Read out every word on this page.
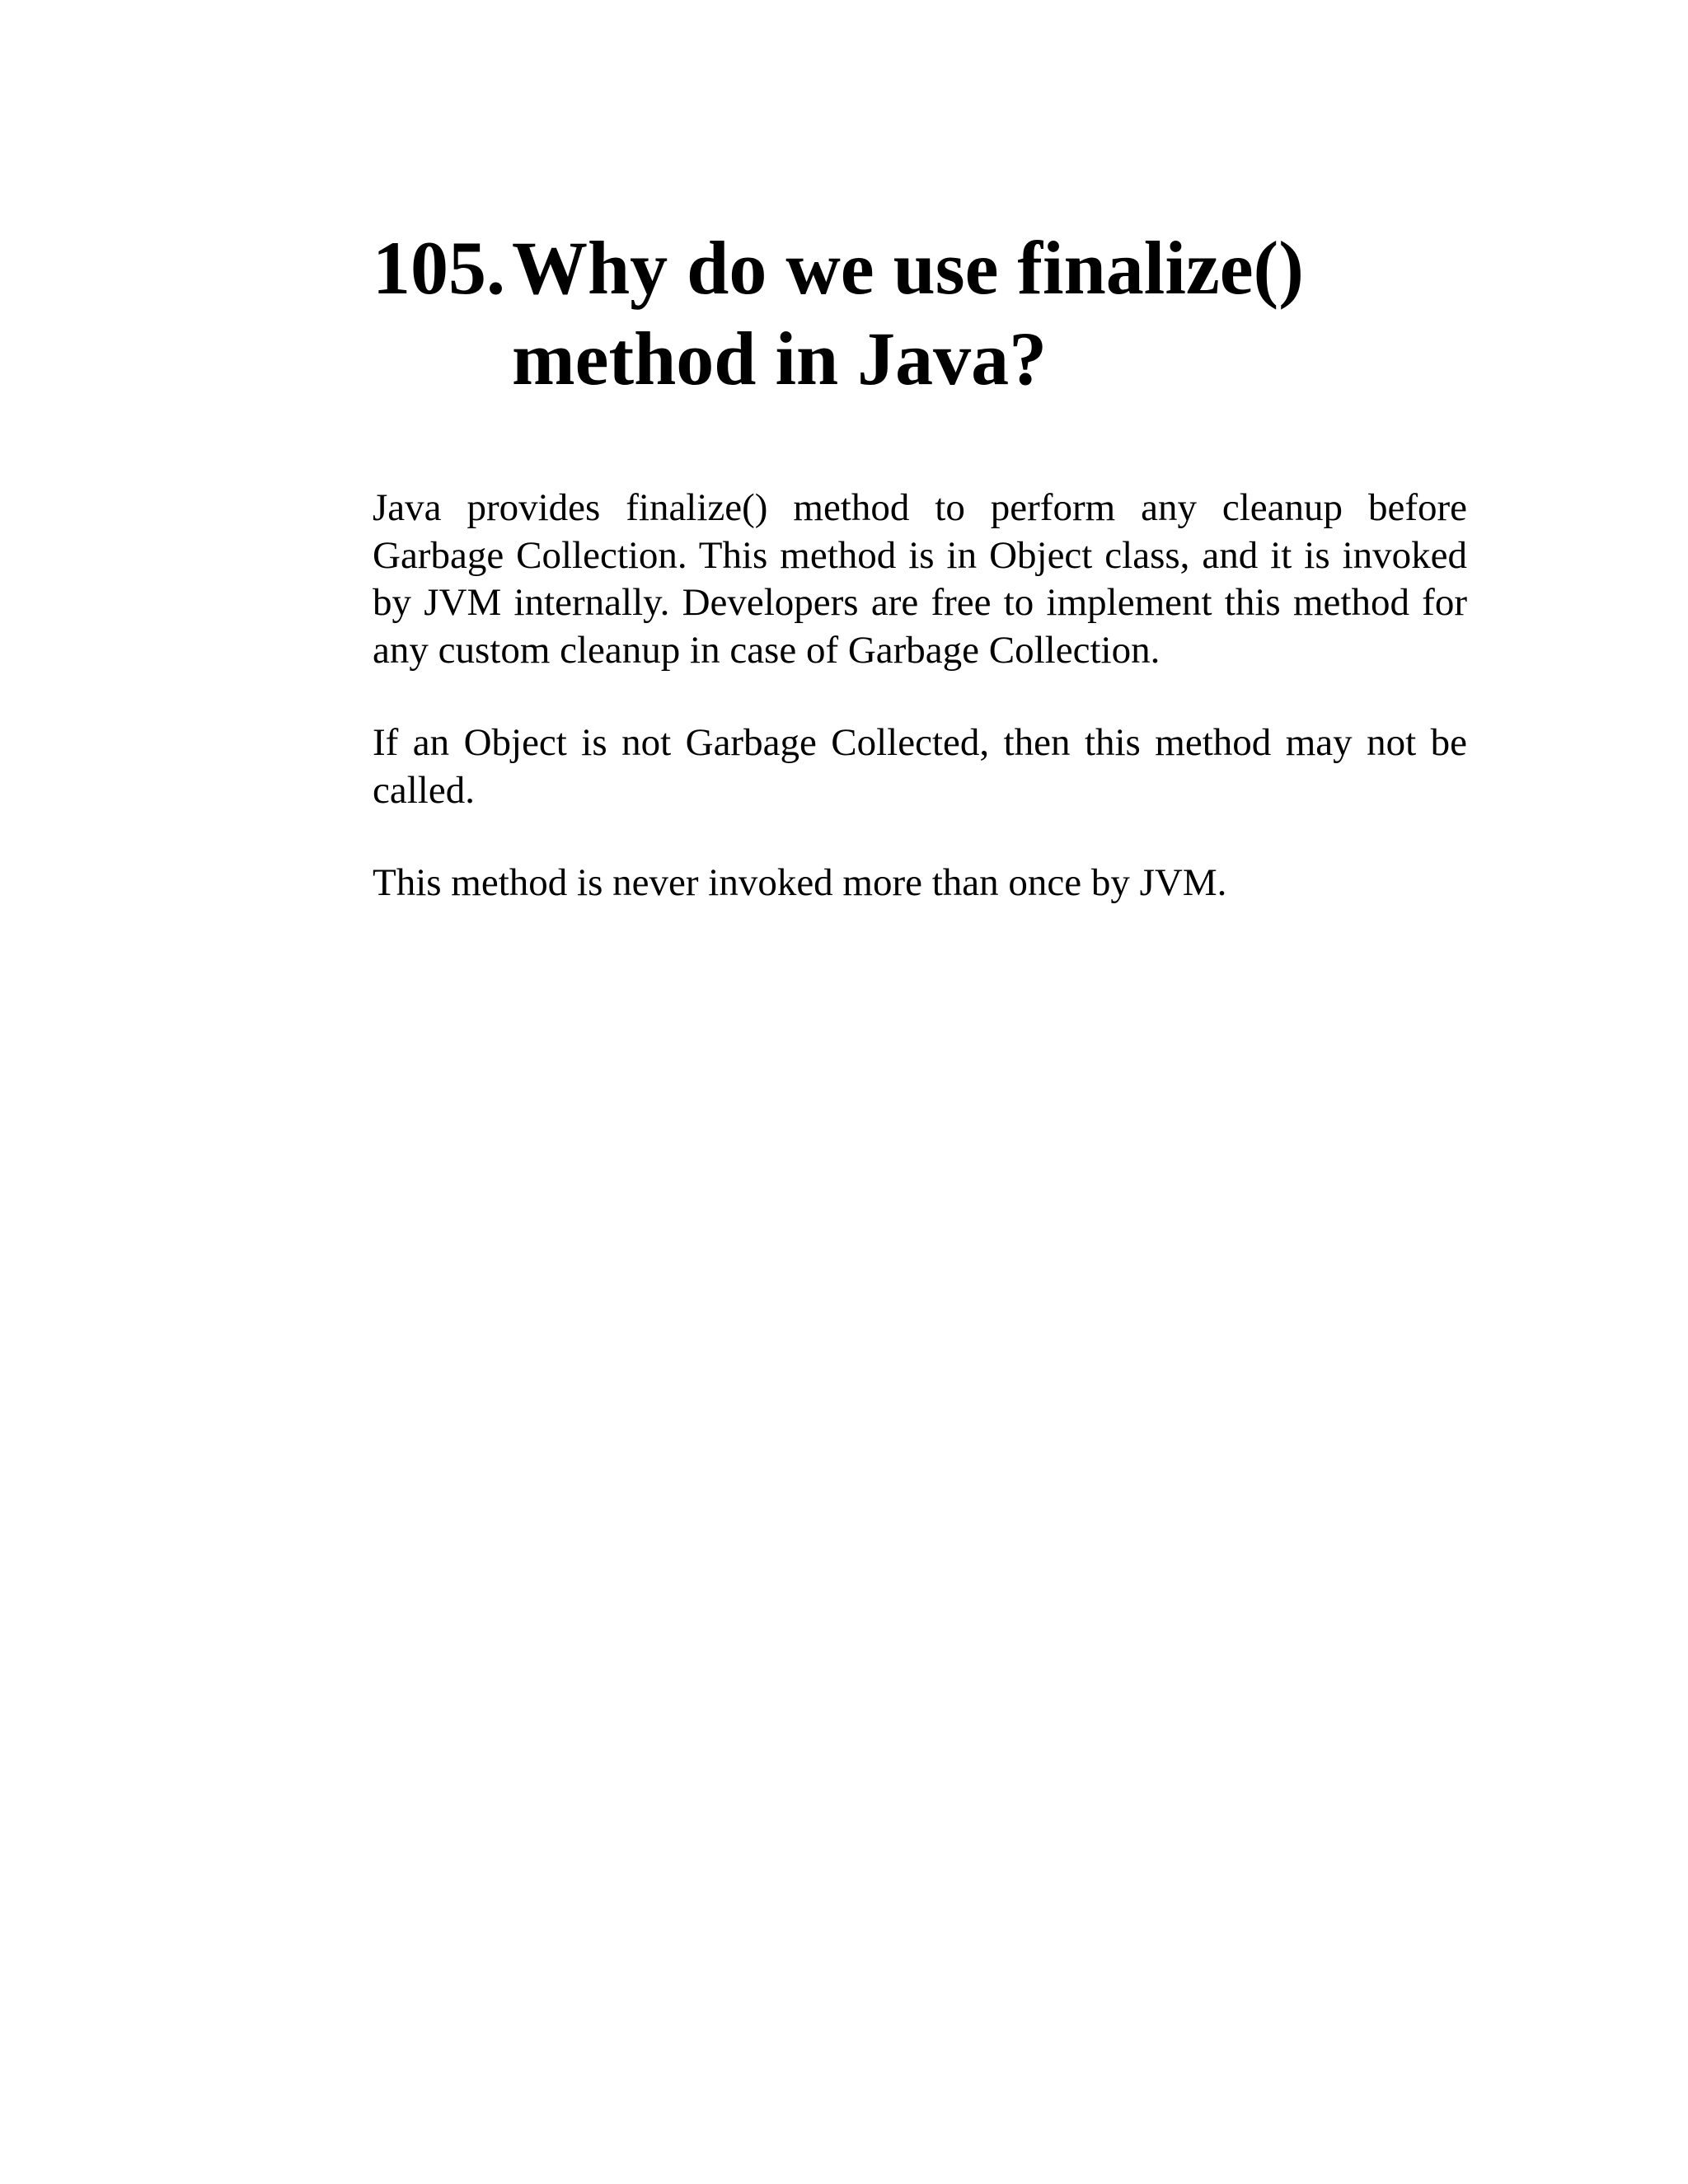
105. Why do we use finalize() method in Java?

Java provides finalize() method to perform any cleanup before Garbage Collection. This method is in Object class, and it is invoked by JVM internally. Developers are free to implement this method for any custom cleanup in case of Garbage Collection.

If an Object is not Garbage Collected, then this method may not be called.

This method is never invoked more than once by JVM.
